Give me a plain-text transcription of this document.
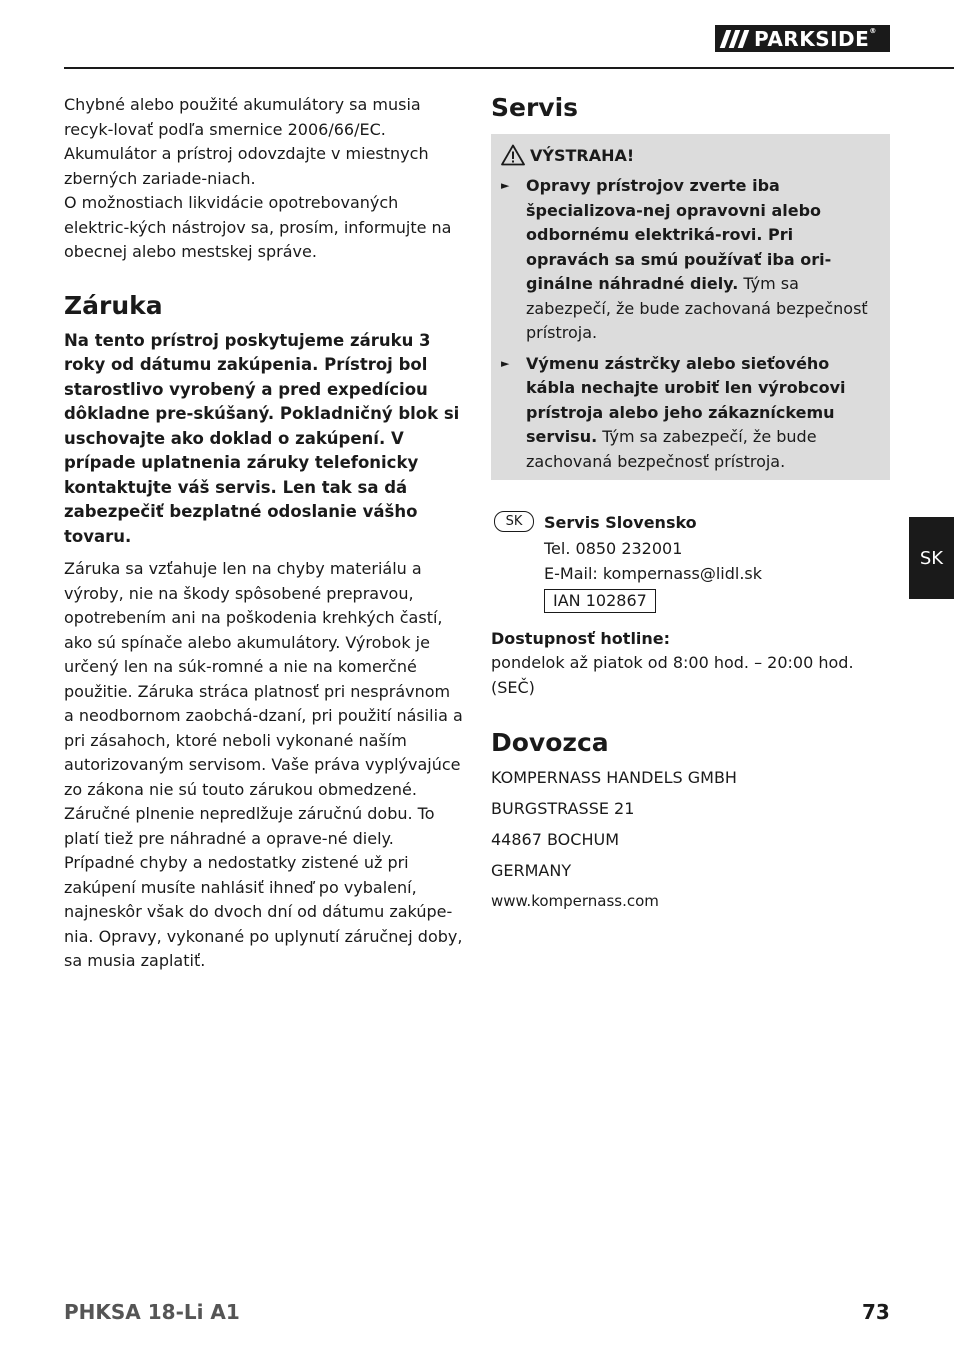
PARKSIDE®

Chybné alebo použité akumulátory sa musia recyk-lovať podľa smernice 2006/66/EC. Akumulátor a prístroj odovzdajte v miestnych zberných zariade-niach.

O možnostiach likvidácie opotrebovaných elektric-kých nástrojov sa, prosím, informujte na obecnej alebo mestskej správe.

Záruka

Na tento prístroj poskytujeme záruku 3 roky od dátumu zakúpenia. Prístroj bol starostlivo vyrobený a pred expedíciou dôkladne pre-skúšaný. Pokladničný blok si uschovajte ako doklad o zakúpení. V prípade uplatnenia záruky telefonicky kontaktujte váš servis. Len tak sa dá zabezpečiť bezplatné odoslanie vášho tovaru.

Záruka sa vzťahuje len na chyby materiálu a výroby, nie na škody spôsobené prepravou, opotrebením ani na poškodenia krehkých častí, ako sú spínače alebo akumulátory. Výrobok je určený len na súk-romné a nie na komerčné použitie. Záruka stráca platnosť pri nesprávnom a neodbornom zaobchá-dzaní, pri použití násilia a pri zásahoch, ktoré neboli vykonané naším autorizovaným servisom. Vaše práva vyplývajúce zo zákona nie sú touto zárukou obmedzené. Záručné plnenie nepredlžuje záručnú dobu. To platí tiež pre náhradné a oprave-né diely. Prípadné chyby a nedostatky zistené už pri zakúpení musíte nahlásiť ihneď po vybalení, najneskôr však do dvoch dní od dátumu zakúpe-nia. Opravy, vykonané po uplynutí záručnej doby, sa musia zaplatiť.

Servis
VÝSTRAHA!
►	Opravy prístrojov zverte iba špecializova-nej opravovni alebo odbornému elektriká-rovi. Pri opravách sa smú používať iba ori-ginálne náhradné diely. Tým sa zabezpečí, že bude zachovaná bezpečnosť prístroja.
►	Výmenu zástrčky alebo sieťového kábla nechajte urobiť len výrobcovi prístroja alebo jeho zákazníckemu servisu. Tým sa zabezpečí, že bude zachovaná bezpečnosť prístroja.
SK	Servis Slovensko

Tel. 0850 232001

E-Mail: kompernass@lidl.sk

IAN 102867

Dostupnosť hotline:

pondelok až piatok od 8:00 hod. – 20:00 hod.(SEČ)

Dovozca

KOMPERNASS HANDELS GMBH

BURGSTRASSE 21

44867 BOCHUM

GERMANY

www.kompernass.com

SK
PHKSA 18-Li A1	73
